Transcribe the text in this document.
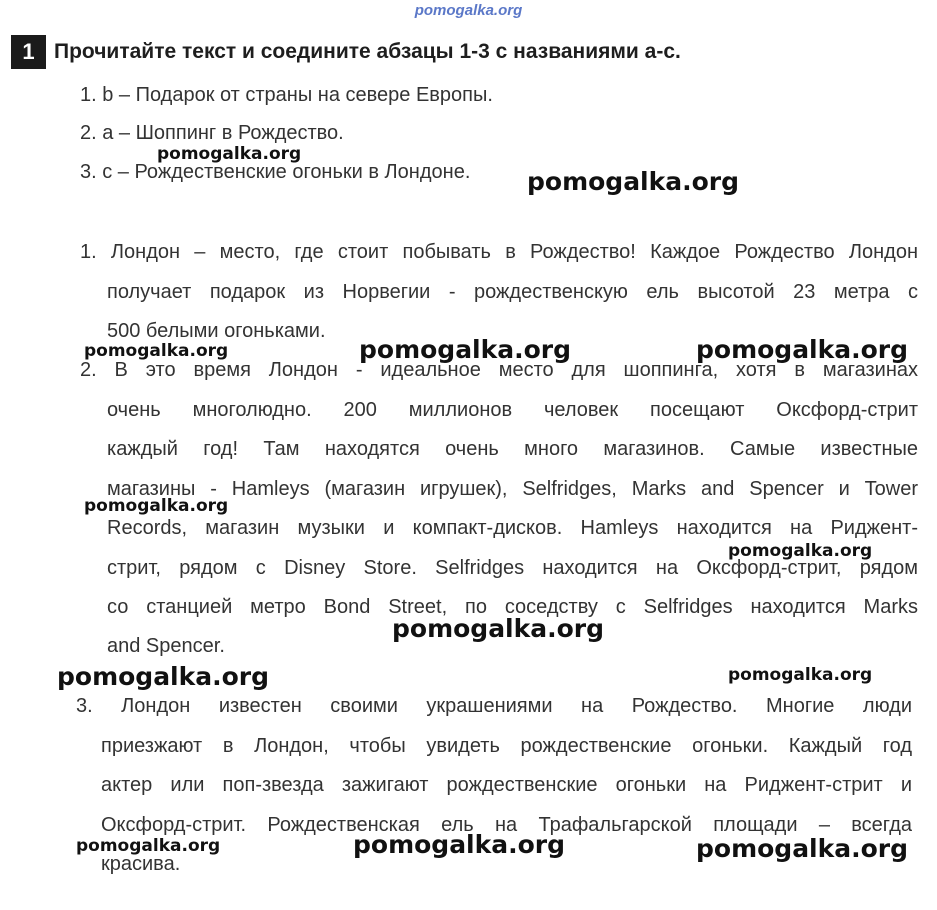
pomogalka.org
1 Прочитайте текст и соедините абзацы 1-3 с названиями a-c.
1. b – Подарок от страны на севере Европы.
2. а – Шоппинг в Рождество.
3. с – Рождественские огоньки в Лондоне.
1. Лондон – место, где стоит побывать в Рождество! Каждое Рождество Лондон
получает подарок из Норвегии - рождественскую ель высотой 23 метра с
500 белыми огоньками.
2. В это время Лондон - идеальное место для шоппинга, хотя в магазинах
очень многолюдно. 200 миллионов человек посещают Оксфорд-стрит
каждый год! Там находятся очень много магазинов. Самые известные
магазины - Hamleys (магазин игрушек), Selfridges, Marks and Spencer и Tower
Records, магазин музыки и компакт-дисков. Hamleys находится на Риджент-
стрит, рядом с Disney Store. Selfridges находится на Оксфорд-стрит, рядом
со станцией метро Bond Street, по соседству с Selfridges находится Marks
and Spencer.
3. Лондон известен своими украшениями на Рождество. Многие люди
приезжают в Лондон, чтобы увидеть рождественские огоньки. Каждый год
актер или поп-звезда зажигают рождественские огоньки на Риджент-стрит и
Оксфорд-стрит. Рождественская ель на Трафальгарской площади – всегда
красива.
pomogalka.org
pomogalka.org
pomogalka.org	pomogalka.org	pomogalka.org
pomogalka.org
pomogalka.org
pomogalka.org
pomogalka.org	pomogalka.org
pomogalka.org	pomogalka.org	pomogalka.org
